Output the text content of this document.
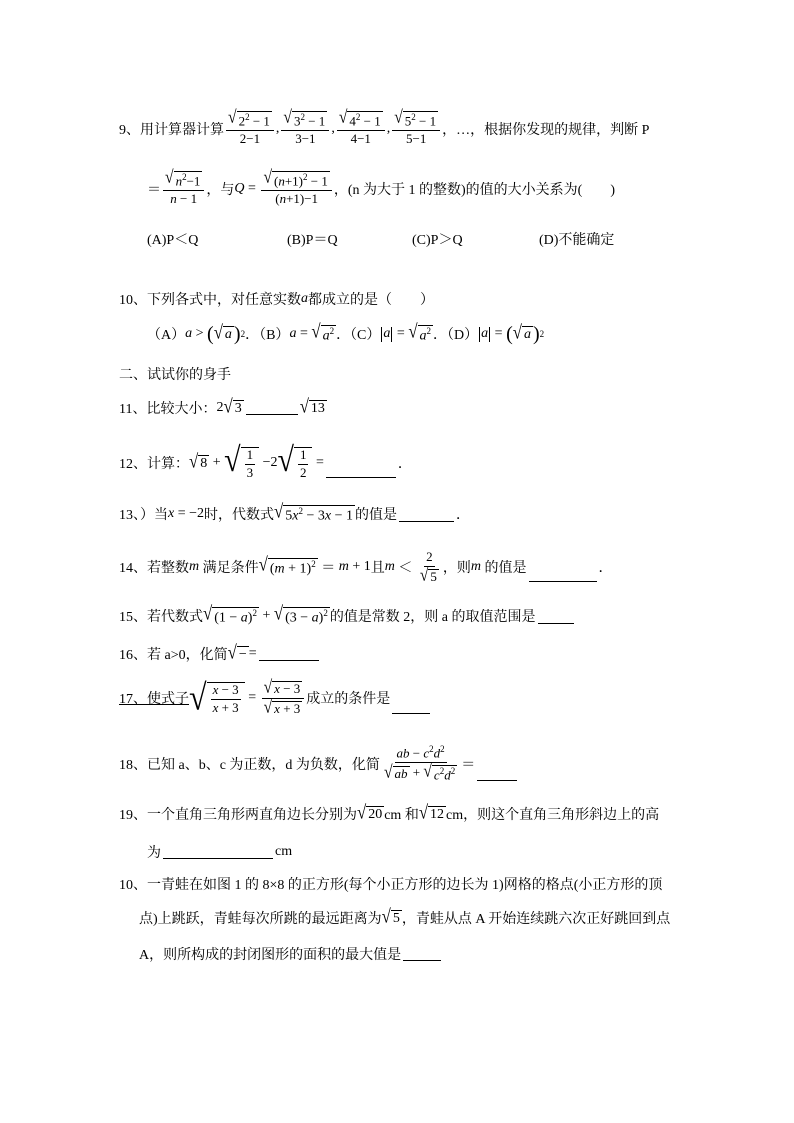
9、用计算器计算 $\frac{√ 2^2 - 1}{2-1}$ , $\frac{√ 3^2 - 1}{3-1}$ , $\frac{√ 4^2 - 1}{4-1}$ , $\frac{√ 5^2 - 1}{5-1}$ ，…，根据你发现的规律，判断 P
＝ $\frac{√ n^2-1}{n - 1}$ ，与 $Q = \frac{√ (n+1)^2 - 1}{(n+1)-1}$ ，(n 为大于 1 的整数)的值的大小关系为(　　)
(A)P＜Q	(B)P＝Q	(C)P＞Q	(D)不能确定
10、下列各式中，对任意实数 a 都成立的是（　　）
（A） a > ( √ a ) 2 ．（B） a = √ $a^2$ ．（C） a = √ $a^2$ ．（D） a = ( √ a ) 2
二、试试你的身手
11、比较大小： 2 √ 3	√ 13
12、计算： √ 8 + √ $\frac{1}{3} -2$ √ $\frac{1}{2}$ =	．
13、）当 x = −2 时，代数式 √ $5x^2 - 3x - 1$ 的值是	．
14、若整数 m
满足条件 √ $(m + 1)^2 = m + 1$ 且 $m < \frac{2}{√ 5}$ ，则 m
的值是	．
15、若代数式 √ $(1 - a)^2$ + √ $(3 - a)^2$ 的值是常数 2，则 a 的取值范围是
16、若 a>0，化简 √ − =
17、 使式子 √ $\frac{x - 3}{x + 3} = \frac{√ x - 3}{√ x + 3}$ 成立的条件是
18、已知 a、b、c 为正数，d 为负数，化简 $\frac{ab - c^2d^2}{√ ab + √ c^2d^2}$ ＝
19、一个直角三角形两直角边长分别为 √ 20 cm 和 √ 12 cm，则这个直角三角形斜边上的高
为	cm
10、一青蛙在如图 1 的 8×8 的正方形(每个小正方形的边长为 1)网格的格点(小正方形的顶
点)上跳跃，青蛙每次所跳的最远距离为 √ 5 ，青蛙从点 A 开始连续跳六次正好跳回到点
A，则所构成的封闭图形的面积的最大值是
